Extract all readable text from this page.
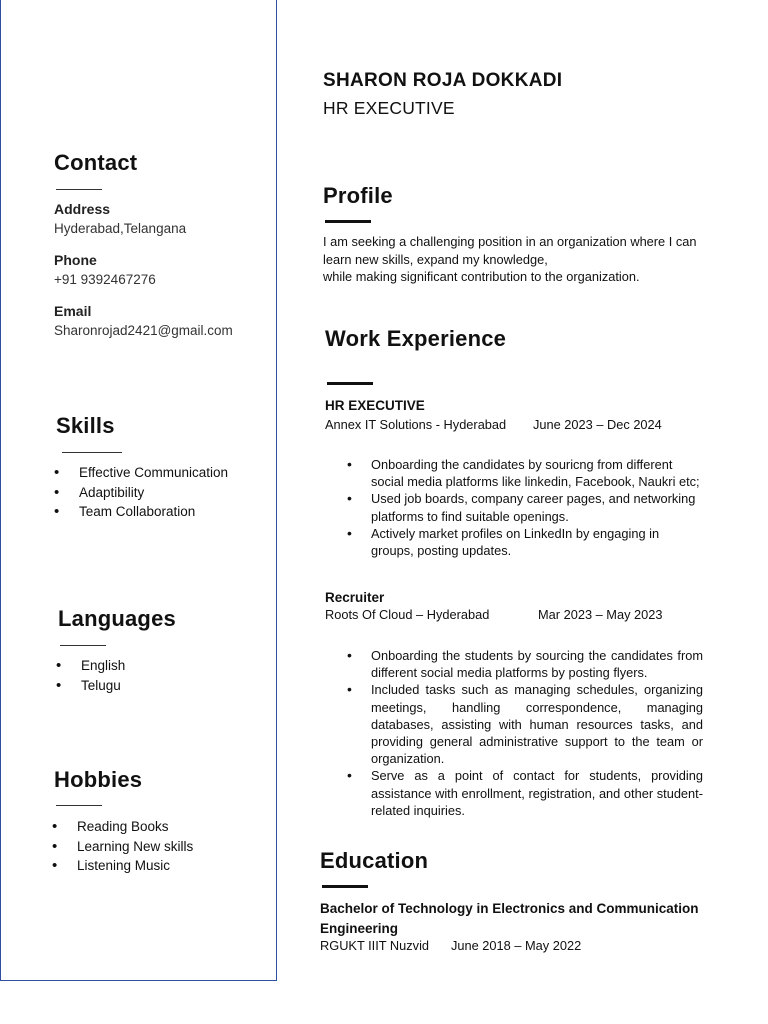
Contact
Address
Hyderabad,Telangana
Phone
+91 9392467276
Email
Sharonrojad2421@gmail.com
Skills
• Effective Communication
• Adaptibility
• Team Collaboration
Languages
• English
• Telugu
Hobbies
• Reading Books
• Learning New skills
• Listening Music
SHARON ROJA DOKKADI
HR EXECUTIVE
Profile
I am seeking a challenging position in an organization where I can
learn new skills, expand my knowledge,
while making significant contribution to the organization.
Work Experience
HR EXECUTIVE
Annex IT Solutions - Hyderabad June 2023 – Dec 2024
• Onboarding the candidates by souricng from different social media platforms like linkedin, Facebook, Naukri etc;
• Used job boards, company career pages, and networking platforms to find suitable openings.
• Actively market profiles on LinkedIn by engaging in groups, posting updates.
Recruiter
Roots Of Cloud – Hyderabad	Mar 2023 – May 2023
• Onboarding the students by sourcing the candidates from different social media platforms by posting flyers.
• Included tasks such as managing schedules, organizing meetings, handling correspondence, managing databases, assisting with human resources tasks, and providing general administrative support to the team or organization.
• Serve as a point of contact for students, providing assistance with enrollment, registration, and other student-related inquiries.
Education
Bachelor of Technology in Electronics and Communication
Engineering
RGUKT IIIT Nuzvid June 2018 – May 2022
